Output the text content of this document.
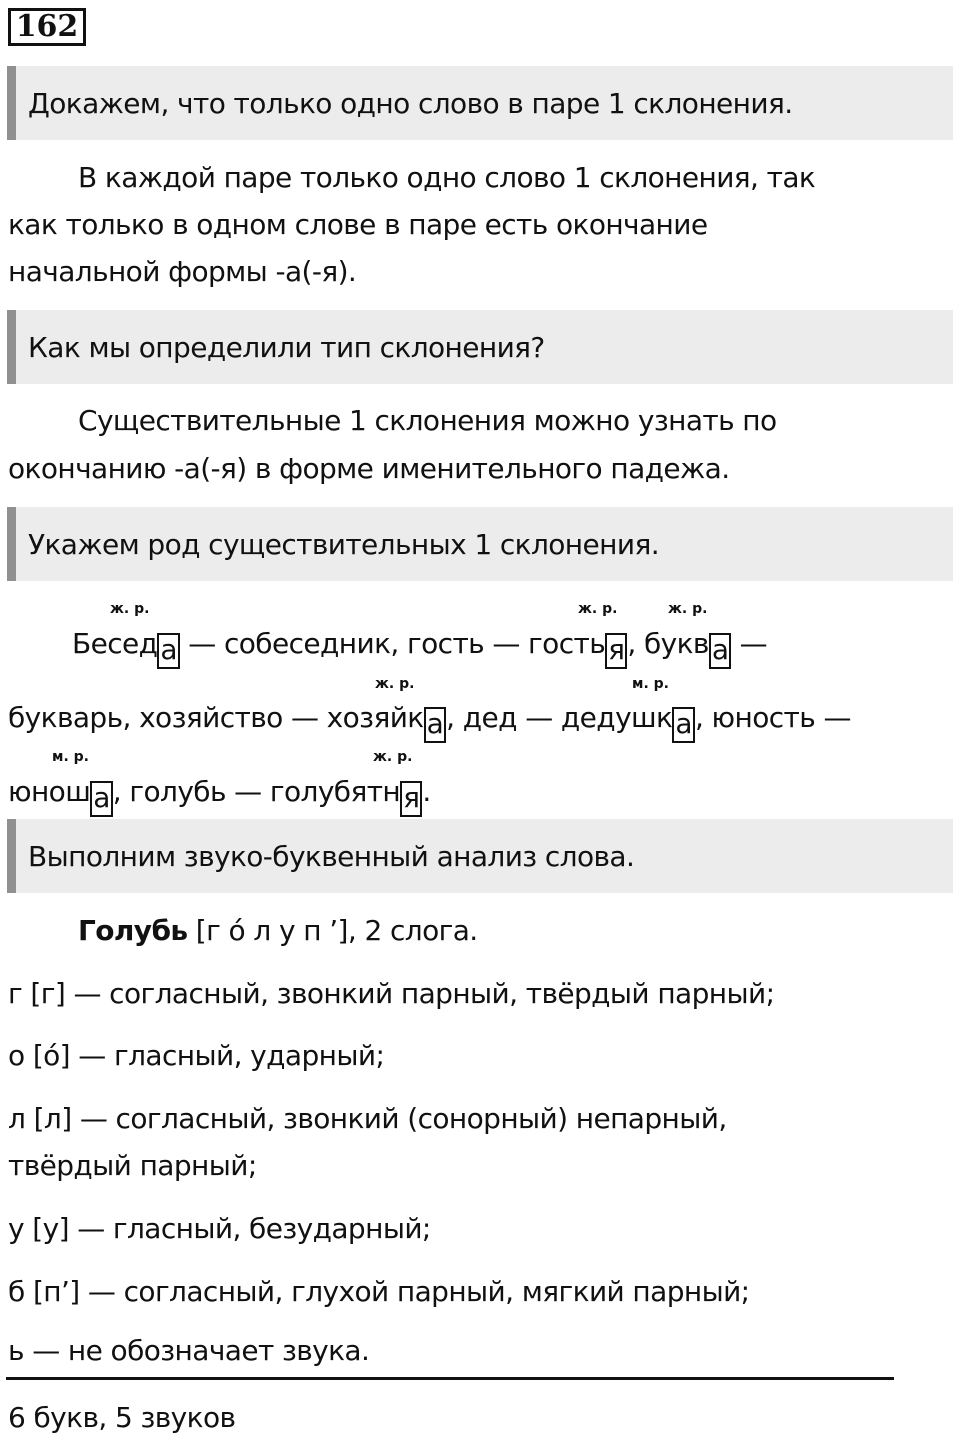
162
Докажем, что только одно слово в паре 1 склонения.
В каждой паре только одно слово 1 склонения, так
как только в одном слове в паре есть окончание
начальной формы -а(-я).
Как мы определили тип склонения?
Существительные 1 склонения можно узнать по
окончанию -а(-я) в форме именительного падежа.
Укажем род существительных 1 склонения.
ж. р.	ж. р.	ж. р.
ж. р.	м. р.
м. р.	ж. р.
Бесед а — собеседник, гость — гость я , букв а —
букварь, хозяйство — хозяйк а , дед — дедушк а , юность —
юнош а , голубь — голубятн я .
Выполним звуко-буквенный анализ слова.
Голубь [г о́ л у п ’], 2 слога.
г [г] — согласный, звонкий парный, твёрдый парный;
о [о́] — гласный, ударный;
л [л] — согласный, звонкий (сонорный) непарный,
твёрдый парный;
у [у] — гласный, безударный;
б [п’] — согласный, глухой парный, мягкий парный;
ь — не обозначает звука.
6 букв, 5 звуков
